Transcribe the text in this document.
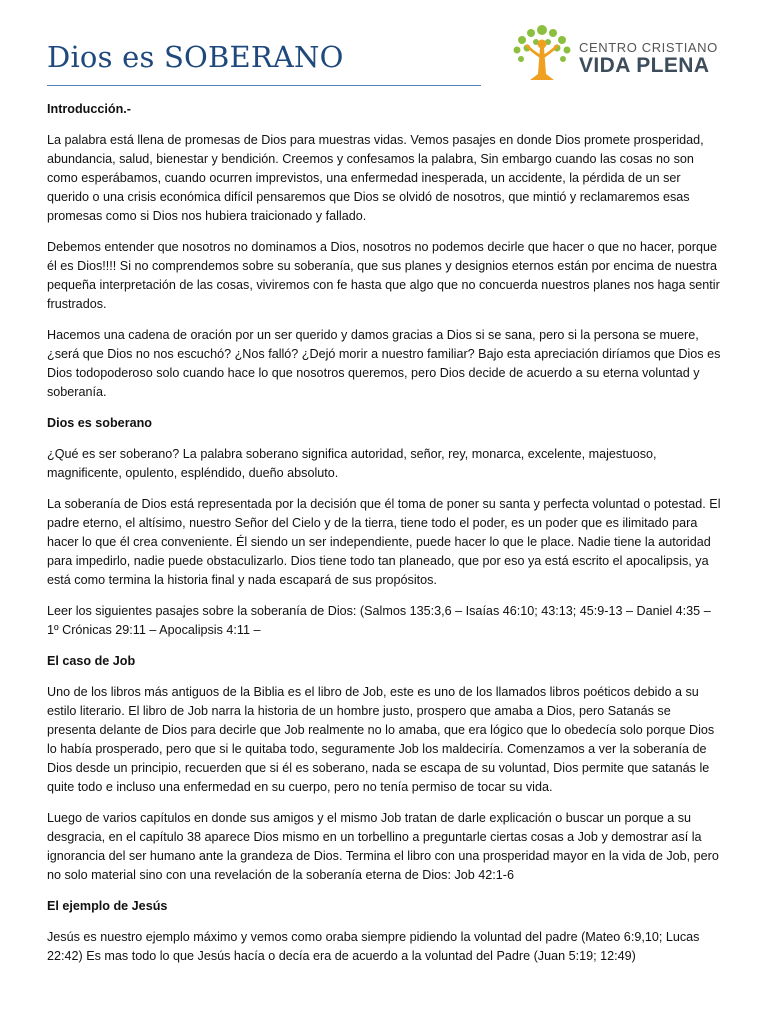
Dios es SOBERANO	CENTRO CRISTIANO
VIDA PLENA
Introducción.-

La palabra está llena de promesas de Dios para muestras vidas. Vemos pasajes en donde Dios promete prosperidad, abundancia, salud, bienestar y bendición. Creemos y confesamos la palabra, Sin embargo cuando las cosas no son como esperábamos, cuando ocurren imprevistos, una enfermedad inesperada, un accidente, la pérdida de un ser querido o una crisis económica difícil pensaremos que Dios se olvidó de nosotros, que mintió y reclamaremos esas promesas como si Dios nos hubiera traicionado y fallado.

Debemos entender que nosotros no dominamos a Dios, nosotros no podemos decirle que hacer o que no hacer, porque él es Dios!!!! Si no comprendemos sobre su soberanía, que sus planes y designios eternos están por encima de nuestra pequeña interpretación de las cosas, viviremos con fe hasta que algo que no concuerda nuestros planes nos haga sentir frustrados.

Hacemos una cadena de oración por un ser querido y damos gracias a Dios si se sana, pero si la persona se muere, ¿será que Dios no nos escuchó? ¿Nos falló? ¿Dejó morir a nuestro familiar? Bajo esta apreciación diríamos que Dios es Dios todopoderoso solo cuando hace lo que nosotros queremos, pero Dios decide de acuerdo a su eterna voluntad y soberanía.

Dios es soberano

¿Qué es ser soberano? La palabra soberano significa autoridad, señor, rey, monarca, excelente, majestuoso, magnificente, opulento, espléndido, dueño absoluto.

La soberanía de Dios está representada por la decisión que él toma de poner su santa y perfecta voluntad o potestad. El padre eterno, el altísimo, nuestro Señor del Cielo y de la tierra, tiene todo el poder, es un poder que es ilimitado para hacer lo que él crea conveniente. Él siendo un ser independiente, puede hacer lo que le place. Nadie tiene la autoridad para impedirlo, nadie puede obstaculizarlo. Dios tiene todo tan planeado, que por eso ya está escrito el apocalipsis, ya está como termina la historia final y nada escapará de sus propósitos.

Leer los siguientes pasajes sobre la soberanía de Dios: (Salmos 135:3,6 – Isaías 46:10; 43:13; 45:9-13 – Daniel 4:35 – 1º Crónicas 29:11 – Apocalipsis 4:11 –

El caso de Job

Uno de los libros más antiguos de la Biblia es el libro de Job, este es uno de los llamados libros poéticos debido a su estilo literario. El libro de Job narra la historia de un hombre justo, prospero que amaba a Dios, pero Satanás se presenta delante de Dios para decirle que Job realmente no lo amaba, que era lógico que lo obedecía solo porque Dios lo había prosperado, pero que si le quitaba todo, seguramente Job los maldeciría. Comenzamos a ver la soberanía de Dios desde un principio, recuerden que si él es soberano, nada se escapa de su voluntad, Dios permite que satanás le quite todo e incluso una enfermedad en su cuerpo, pero no tenía permiso de tocar su vida.

Luego de varios capítulos en donde sus amigos y el mismo Job tratan de darle explicación o buscar un porque a su desgracia, en el capítulo 38 aparece Dios mismo en un torbellino a preguntarle ciertas cosas a Job y demostrar así la ignorancia del ser humano ante la grandeza de Dios. Termina el libro con una prosperidad mayor en la vida de Job, pero no solo material sino con una revelación de la soberanía eterna de Dios: Job 42:1-6

El ejemplo de Jesús

Jesús es nuestro ejemplo máximo y vemos como oraba siempre pidiendo la voluntad del padre (Mateo 6:9,10; Lucas 22:42) Es mas todo lo que Jesús hacía o decía era de acuerdo a la voluntad del Padre (Juan 5:19; 12:49)
